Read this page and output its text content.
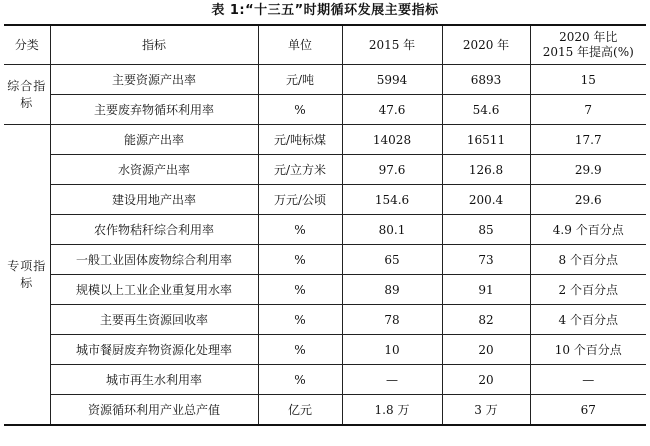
表 1:“十三五”时期循环发展主要指标
分类	指标	单位	2015 年	2020 年	2020 年比
2015 年提高(%)
综合指标	主要资源产出率	元/吨	5994	6893	15
	主要废弃物循环利用率	%	47.6	54.6	7
专项指标	能源产出率	元/吨标煤	14028	16511	17.7
	水资源产出率	元/立方米	97.6	126.8	29.9
	建设用地产出率	万元/公顷	154.6	200.4	29.6
	农作物秸秆综合利用率	%	80.1	85	4.9 个百分点
	一般工业固体废物综合利用率	%	65	73	8 个百分点
	规模以上工业企业重复用水率	%	89	91	2 个百分点
	主要再生资源回收率	%	78	82	4 个百分点
	城市餐厨废弃物资源化处理率	%	10	20	10 个百分点
	城市再生水利用率	%	—	20	—
	资源循环利用产业总产值	亿元	1.8 万	3 万	67
